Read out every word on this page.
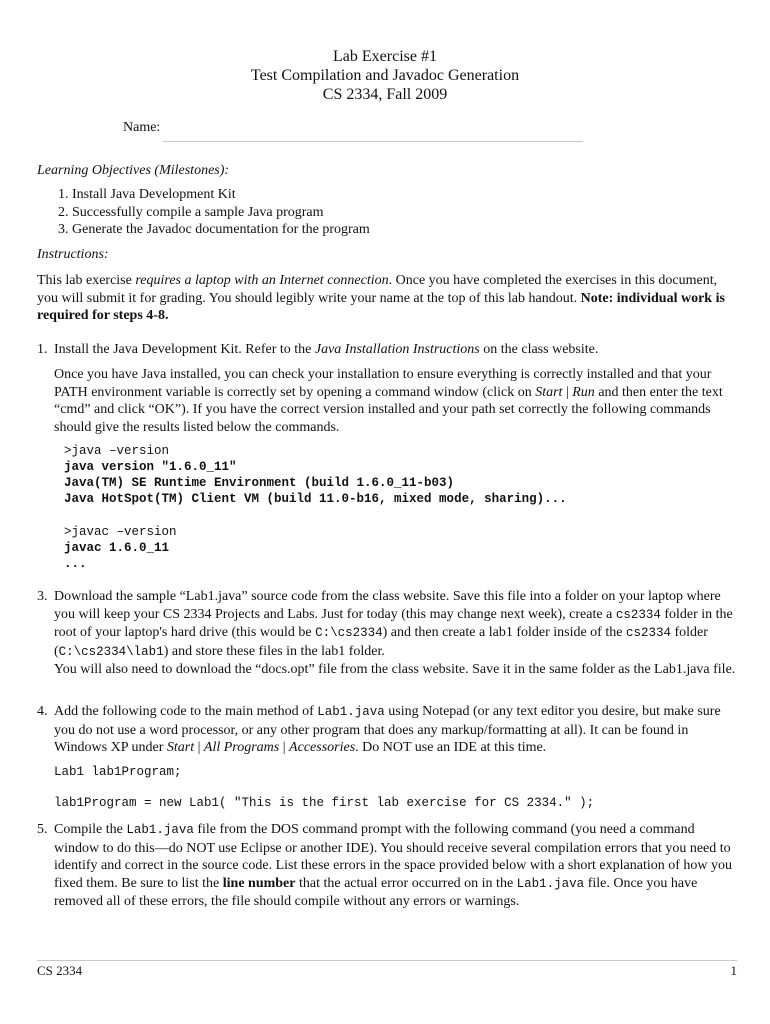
Lab Exercise #1
Test Compilation and Javadoc Generation
CS 2334, Fall 2009
Name:
Learning Objectives (Milestones):
1. Install Java Development Kit
2. Successfully compile a sample Java program
3. Generate the Javadoc documentation for the program
Instructions:
This lab exercise requires a laptop with an Internet connection. Once you have completed the exercises in this document, you will submit it for grading. You should legibly write your name at the top of this lab handout. Note: individual work is required for steps 4-8.
1. Install the Java Development Kit. Refer to the Java Installation Instructions on the class website.
Once you have Java installed, you can check your installation to ensure everything is correctly installed and that your PATH environment variable is correctly set by opening a command window (click on Start | Run and then enter the text “cmd” and click “OK”). If you have the correct version installed and your path set correctly the following commands should give the results listed below the commands.
>java –version
java version "1.6.0_11"
Java(TM) SE Runtime Environment (build 1.6.0_11-b03)
Java HotSpot(TM) Client VM (build 11.0-b16, mixed mode, sharing)...
>javac –version
javac 1.6.0_11
...
3. Download the sample “Lab1.java” source code from the class website. Save this file into a folder on your laptop where you will keep your CS 2334 Projects and Labs. Just for today (this may change next week), create a cs2334 folder in the root of your laptop's hard drive (this would be C:\cs2334) and then create a lab1 folder inside of the cs2334 folder (C:\cs2334\lab1) and store these files in the lab1 folder.
You will also need to download the “docs.opt” file from the class website. Save it in the same folder as the Lab1.java file.
4. Add the following code to the main method of Lab1.java using Notepad (or any text editor you desire, but make sure you do not use a word processor, or any other program that does any markup/formatting at all). It can be found in Windows XP under Start | All Programs | Accessories. Do NOT use an IDE at this time.
Lab1 lab1Program;
lab1Program = new Lab1( "This is the first lab exercise for CS 2334." );
5. Compile the Lab1.java file from the DOS command prompt with the following command (you need a command window to do this—do NOT use Eclipse or another IDE). You should receive several compilation errors that you need to identify and correct in the source code. List these errors in the space provided below with a short explanation of how you fixed them. Be sure to list the line number that the actual error occurred on in the Lab1.java file. Once you have removed all of these errors, the file should compile without any errors or warnings.
CS 2334	1
